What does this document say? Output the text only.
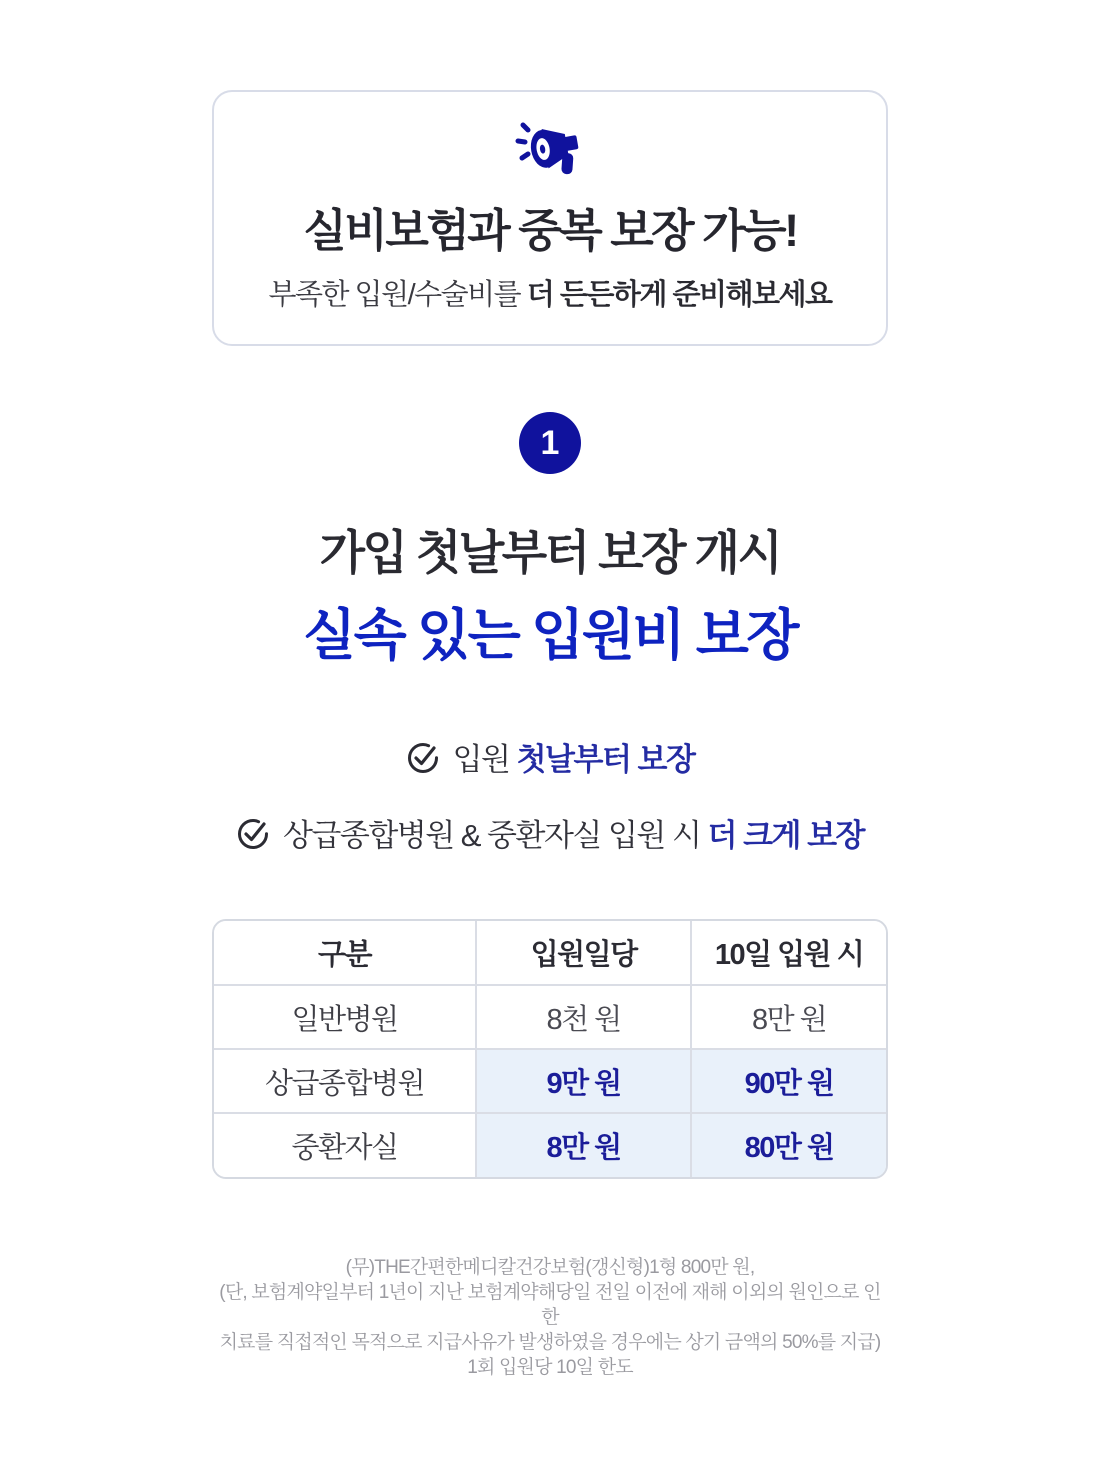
실비보험과 중복 보장 가능!
부족한 입원/수술비를 더 든든하게 준비해보세요
1
가입 첫날부터 보장 개시
실속 있는 입원비 보장
입원 첫날부터 보장
상급종합병원 & 중환자실 입원 시 더 크게 보장
구분	입원일당	10일 입원 시
일반병원	8천 원	8만 원
상급종합병원	9만 원	90만 원
중환자실	8만 원	80만 원
(무)THE간편한메디칼건강보험(갱신형)1형 800만 원,
(단, 보험계약일부터 1년이 지난 보험계약해당일 전일 이전에 재해 이외의 원인으로 인한
치료를 직접적인 목적으로 지급사유가 발생하였을 경우에는 상기 금액의 50%를 지급)
1회 입원당 10일 한도
